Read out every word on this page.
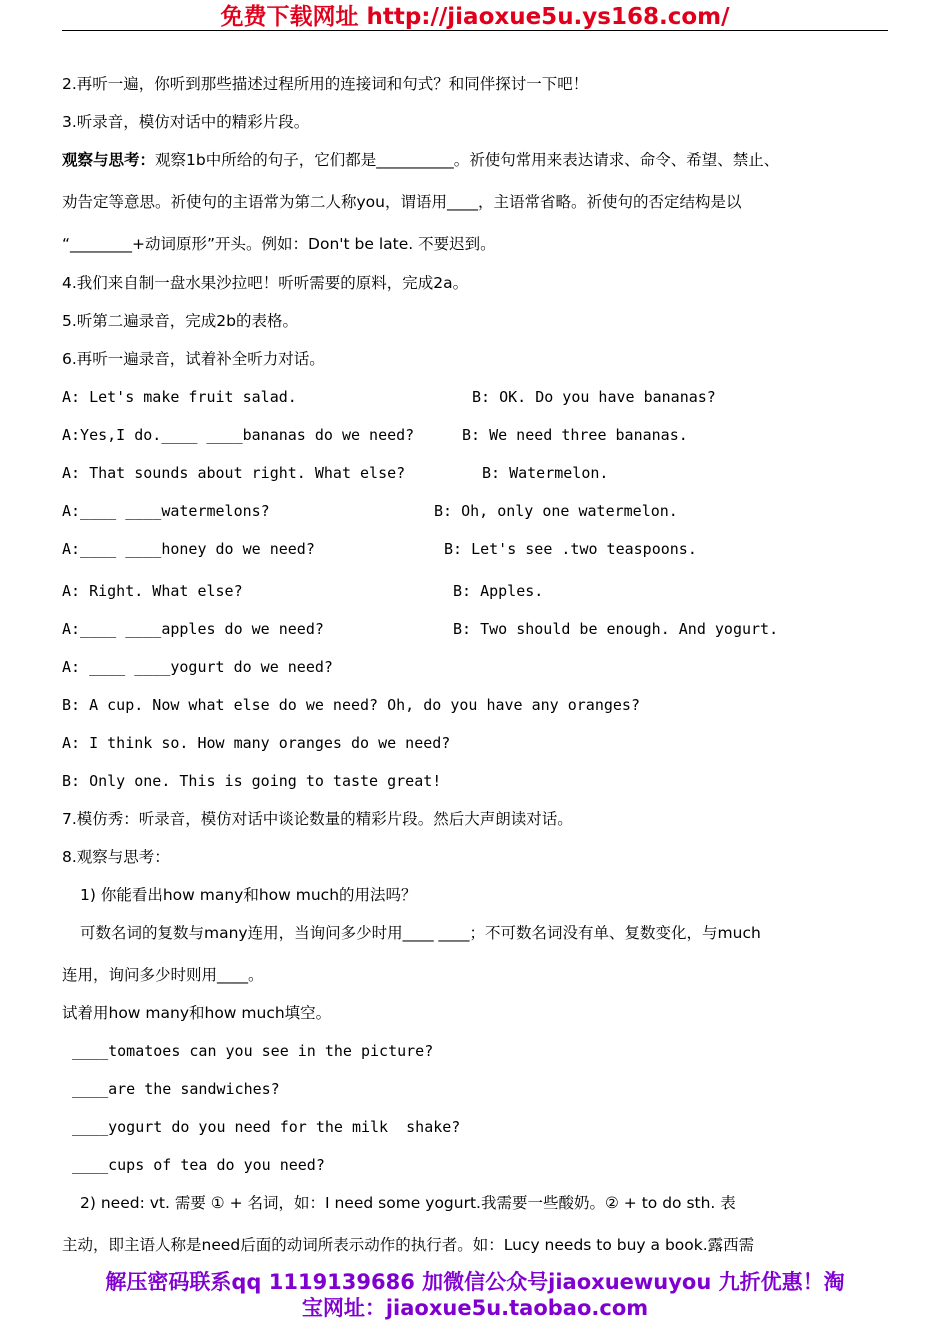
免费下载网址 http://jiaoxue5u.ys168.com/
2.再听一遍，你听到那些描述过程所用的连接词和句式？和同伴探讨一下吧！
3.听录音，模仿对话中的精彩片段。
观察与思考：观察1b中所给的句子，它们都是__________。祈使句常用来表达请求、命令、希望、禁止、
劝告定等意思。祈使句的主语常为第二人称you，谓语用____，主语常省略。祈使句的否定结构是以
“________+动词原形”开头。例如：Don't be late. 不要迟到。
4.我们来自制一盘水果沙拉吧！听听需要的原料，完成2a。
5.听第二遍录音，完成2b的表格。
6.再听一遍录音，试着补全听力对话。
A: Let's make fruit salad.	B: OK. Do you have bananas?
A:Yes,I do.____ ____bananas do we need?	B: We need three bananas.
A: That sounds about right. What else?	B: Watermelon.
A:____ ____watermelons?	B: Oh, only one watermelon.
A:____ ____honey do we need?	B: Let's see .two teaspoons.
A: Right. What else?	B: Apples.
A:____ ____apples do we need?	B: Two should be enough. And yogurt.
A: ____ ____yogurt do we need?
B: A cup. Now what else do we need? Oh, do you have any oranges?
A: I think so. How many oranges do we need?
B: Only one. This is going to taste great!
7.模仿秀：听录音，模仿对话中谈论数量的精彩片段。然后大声朗读对话。
8.观察与思考：
1) 你能看出how many和how much的用法吗？
可数名词的复数与many连用，当询问多少时用____ ____；不可数名词没有单、复数变化，与much
连用，询问多少时则用____。
试着用how many和how much填空。
____tomatoes can you see in the picture?
____are the sandwiches?
____yogurt do you need for the milk  shake?
____cups of tea do you need?
2) need: vt. 需要 ① + 名词，如：I need some yogurt.我需要一些酸奶。② + to do sth. 表
主动，即主语人称是need后面的动词所表示动作的执行者。如：Lucy needs to buy a book.露西需
解压密码联系qq 1119139686 加微信公众号jiaoxuewuyou 九折优惠！淘
宝网址：jiaoxue5u.taobao.com
